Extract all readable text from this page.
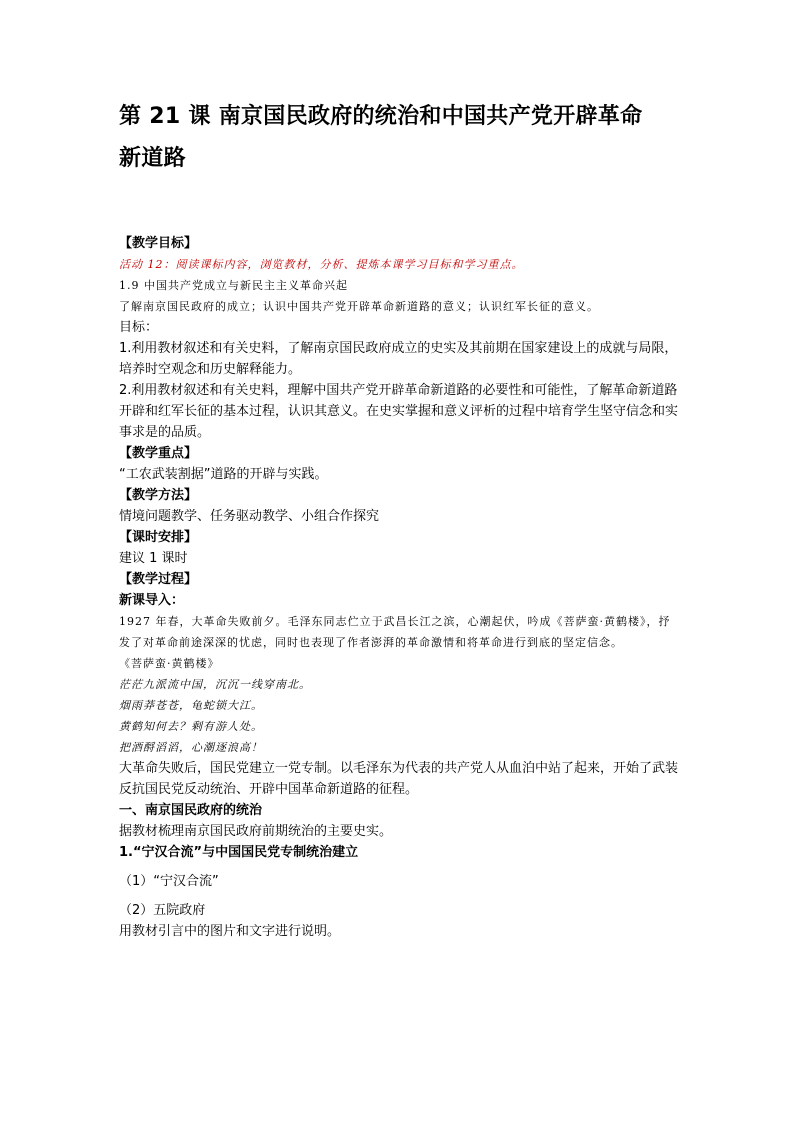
第 21 课 南京国民政府的统治和中国共产党开辟革命
新道路
【教学目标】
活动 12：阅读课标内容，浏览教材，分析、提炼本课学习目标和学习重点。
1.9 中国共产党成立与新民主主义革命兴起
了解南京国民政府的成立；认识中国共产党开辟革命新道路的意义；认识红军长征的意义。
目标：
1.利用教材叙述和有关史料，了解南京国民政府成立的史实及其前期在国家建设上的成就与局限，培养时空观念和历史解释能力。
2.利用教材叙述和有关史料，理解中国共产党开辟革命新道路的必要性和可能性，了解革命新道路开辟和红军长征的基本过程，认识其意义。在史实掌握和意义评析的过程中培育学生坚守信念和实事求是的品质。
【教学重点】
“工农武装割据”道路的开辟与实践。
【教学方法】
情境问题教学、任务驱动教学、小组合作探究
【课时安排】
建议 1 课时
【教学过程】
新课导入：
1927 年春，大革命失败前夕。毛泽东同志伫立于武昌长江之滨，心潮起伏，吟成《菩萨蛮·黄鹤楼》，抒发了对革命前途深深的忧虑，同时也表现了作者澎湃的革命激情和将革命进行到底的坚定信念。
《菩萨蛮·黄鹤楼》
茫茫九派流中国，沉沉一线穿南北。
烟雨莽苍苍，龟蛇锁大江。
黄鹤知何去？剩有游人处。
把酒酹滔滔，心潮逐浪高！
大革命失败后，国民党建立一党专制。以毛泽东为代表的共产党人从血泊中站了起来，开始了武装反抗国民党反动统治、开辟中国革命新道路的征程。
一、南京国民政府的统治
据教材梳理南京国民政府前期统治的主要史实。
1.“宁汉合流”与中国国民党专制统治建立
（1）“宁汉合流”
（2）五院政府
用教材引言中的图片和文字进行说明。
